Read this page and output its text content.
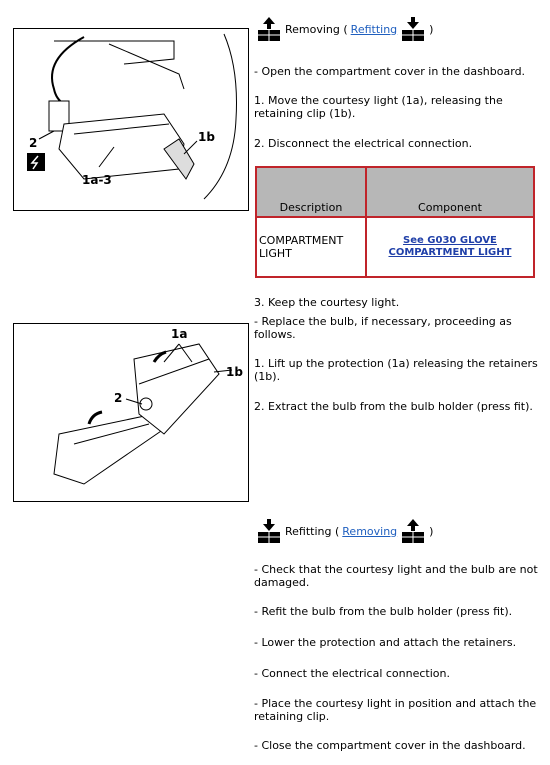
2
1a-3
1b
1a
1b
2
Removing ( Refitting	)
- Open the compartment cover in the dashboard.
1. Move the courtesy light (1a), releasing the retaining clip (1b).
2. Disconnect the electrical connection.
Description	Component
COMPARTMENT LIGHT	See G030 GLOVE COMPARTMENT LIGHT
3. Keep the courtesy light.
- Replace the bulb, if necessary, proceeding as follows.
1. Lift up the protection (1a) releasing the retainers (1b).
2. Extract the bulb from the bulb holder (press fit).
Refitting ( Removing	)
- Check that the courtesy light and the bulb are not damaged.
- Refit the bulb from the bulb holder (press fit).
- Lower the protection and attach the retainers.
- Connect the electrical connection.
- Place the courtesy light in position and attach the retaining clip.
- Close the compartment cover in the dashboard.
